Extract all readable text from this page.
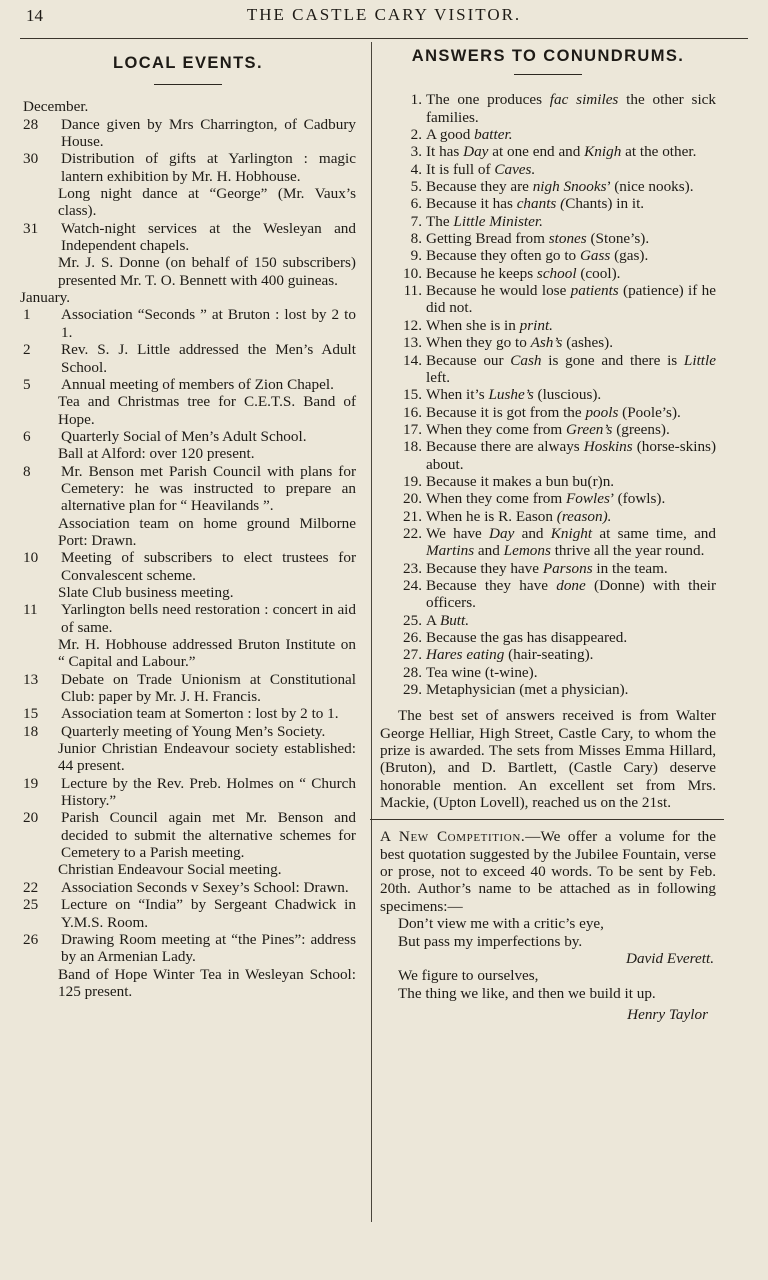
14	THE CASTLE CARY VISITOR.
LOCAL EVENTS.

December.

28	Dance given by Mrs Charrington, of Cadbury House.
30	Distribution of gifts at Yarlington : magic lantern exhibition by Mr. H. Hobhouse.

Long night dance at “George” (Mr. Vaux’s class).

31	Watch-night services at the Wesleyan and Independent chapels.

Mr. J. S. Donne (on behalf of 150 subscribers) presented Mr. T. O. Bennett with 400 guineas.

January.

1	Association “Seconds ” at Bruton : lost by 2 to 1.
2	Rev. S. J. Little addressed the Men’s Adult School.
5	Annual meeting of members of Zion Chapel.

Tea and Christmas tree for C.E.T.S. Band of Hope.

6	Quarterly Social of Men’s Adult School.

Ball at Alford: over 120 present.

8	Mr. Benson met Parish Council with plans for Cemetery: he was instructed to prepare an alternative plan for “ Heavilands ”.

Association team on home ground Milborne Port: Drawn.

10	Meeting of subscribers to elect trustees for Convalescent scheme.

Slate Club business meeting.

11	Yarlington bells need restoration : concert in aid of same.

Mr. H. Hobhouse addressed Bruton Institute on “ Capital and Labour.”

13	Debate on Trade Unionism at Constitutional Club: paper by Mr. J. H. Francis.
15	Association team at Somerton : lost by 2 to 1.
18	Quarterly meeting of Young Men’s Society.

Junior Christian Endeavour society established: 44 present.

19	Lecture by the Rev. Preb. Holmes on “ Church History.”
20	Parish Council again met Mr. Benson and decided to submit the alternative schemes for Cemetery to a Parish meeting.

Christian Endeavour Social meeting.

22	Association Seconds v Sexey’s School: Drawn.
25	Lecture on “India” by Sergeant Chadwick in Y.M.S. Room.
26	Drawing Room meeting at “the Pines”: address by an Armenian Lady.

Band of Hope Winter Tea in Wesleyan School: 125 present.

ANSWERS TO CONUNDRUMS.
1. The one produces fac similes the other sick families.
2. A good batter.
3. It has Day at one end and Knigh at the other.
4. It is full of Caves.
5. Because they are nigh Snooks’ (nice nooks).
6. Because it has chants (Chants) in it.
7. The Little Minister.
8. Getting Bread from stones (Stone’s).
9. Because they often go to Gass (gas).
10. Because he keeps school (cool).
11. Because he would lose patients (patience) if he did not.
12. When she is in print.
13. When they go to Ash’s (ashes).
14. Because our Cash is gone and there is Little left.
15. When it’s Lushe’s (luscious).
16. Because it is got from the pools (Poole’s).
17. When they come from Green’s (greens).
18. Because there are always Hoskins (horse-skins) about.
19. Because it makes a bun bu(r)n.
20. When they come from Fowles’ (fowls).
21. When he is R. Eason (reason).
22. We have Day and Knight at same time, and Martins and Lemons thrive all the year round.
23. Because they have Parsons in the team.
24. Because they have done (Donne) with their officers.
25. A Butt.
26. Because the gas has disappeared.
27. Hares eating (hair-seating).
28. Tea wine (t-wine).
29. Metaphysician (met a physician).

The best set of answers received is from Walter George Helliar, High Street, Castle Cary, to whom the prize is awarded. The sets from Misses Emma Hillard, (Bruton), and D. Bartlett, (Castle Cary) deserve honorable mention. An excellent set from Mrs. Mackie, (Upton Lovell), reached us on the 21st.

A New Competition.—We offer a volume for the best quotation suggested by the Jubilee Fountain, verse or prose, not to exceed 40 words. To be sent by Feb. 20th. Author’s name to be attached as in following specimens:—

Don’t view me with a critic’s eye,

But pass my imperfections by.

David Everett.

We figure to ourselves,

The thing we like, and then we build it up.

Henry Taylor
